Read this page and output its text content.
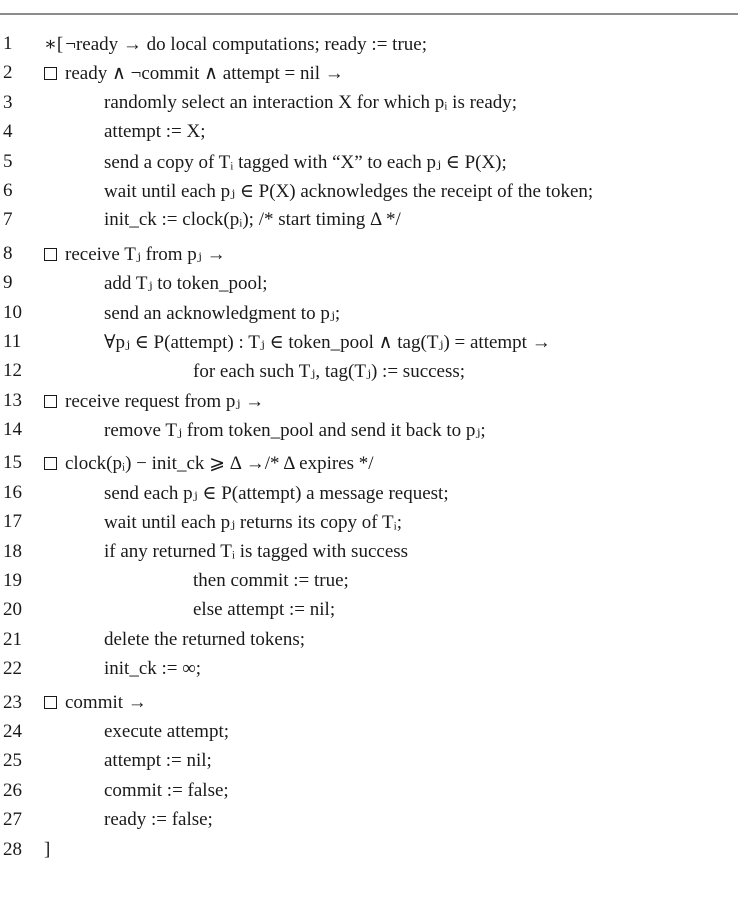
1	∗[¬ready → do local computations; ready := true;
2	ready ∧ ¬commit ∧ attempt = nil →
3	randomly select an interaction X for which pᵢ is ready;
4	attempt := X;
5	send a copy of Tᵢ tagged with “X” to each pⱼ ∈ P(X);
6	wait until each pⱼ ∈ P(X) acknowledges the receipt of the token;
7	init_ck := clock(pᵢ); /* start timing Δ */
8	receive Tⱼ from pⱼ →
9	add Tⱼ to token_pool;
10	send an acknowledgment to pⱼ;
11	∀pⱼ ∈ P(attempt) : Tⱼ ∈ token_pool ∧ tag(Tⱼ) = attempt →
12	for each such Tⱼ, tag(Tⱼ) := success;
13	receive request from pⱼ →
14	remove Tⱼ from token_pool and send it back to pⱼ;
15	clock(pᵢ) − init_ck ⩾ Δ →/* Δ expires */
16	send each pⱼ ∈ P(attempt) a message request;
17	wait until each pⱼ returns its copy of Tᵢ;
18	if any returned Tᵢ is tagged with success
19	then commit := true;
20	else attempt := nil;
21	delete the returned tokens;
22	init_ck := ∞;
23	commit →
24	execute attempt;
25	attempt := nil;
26	commit := false;
27	ready := false;
28	]
